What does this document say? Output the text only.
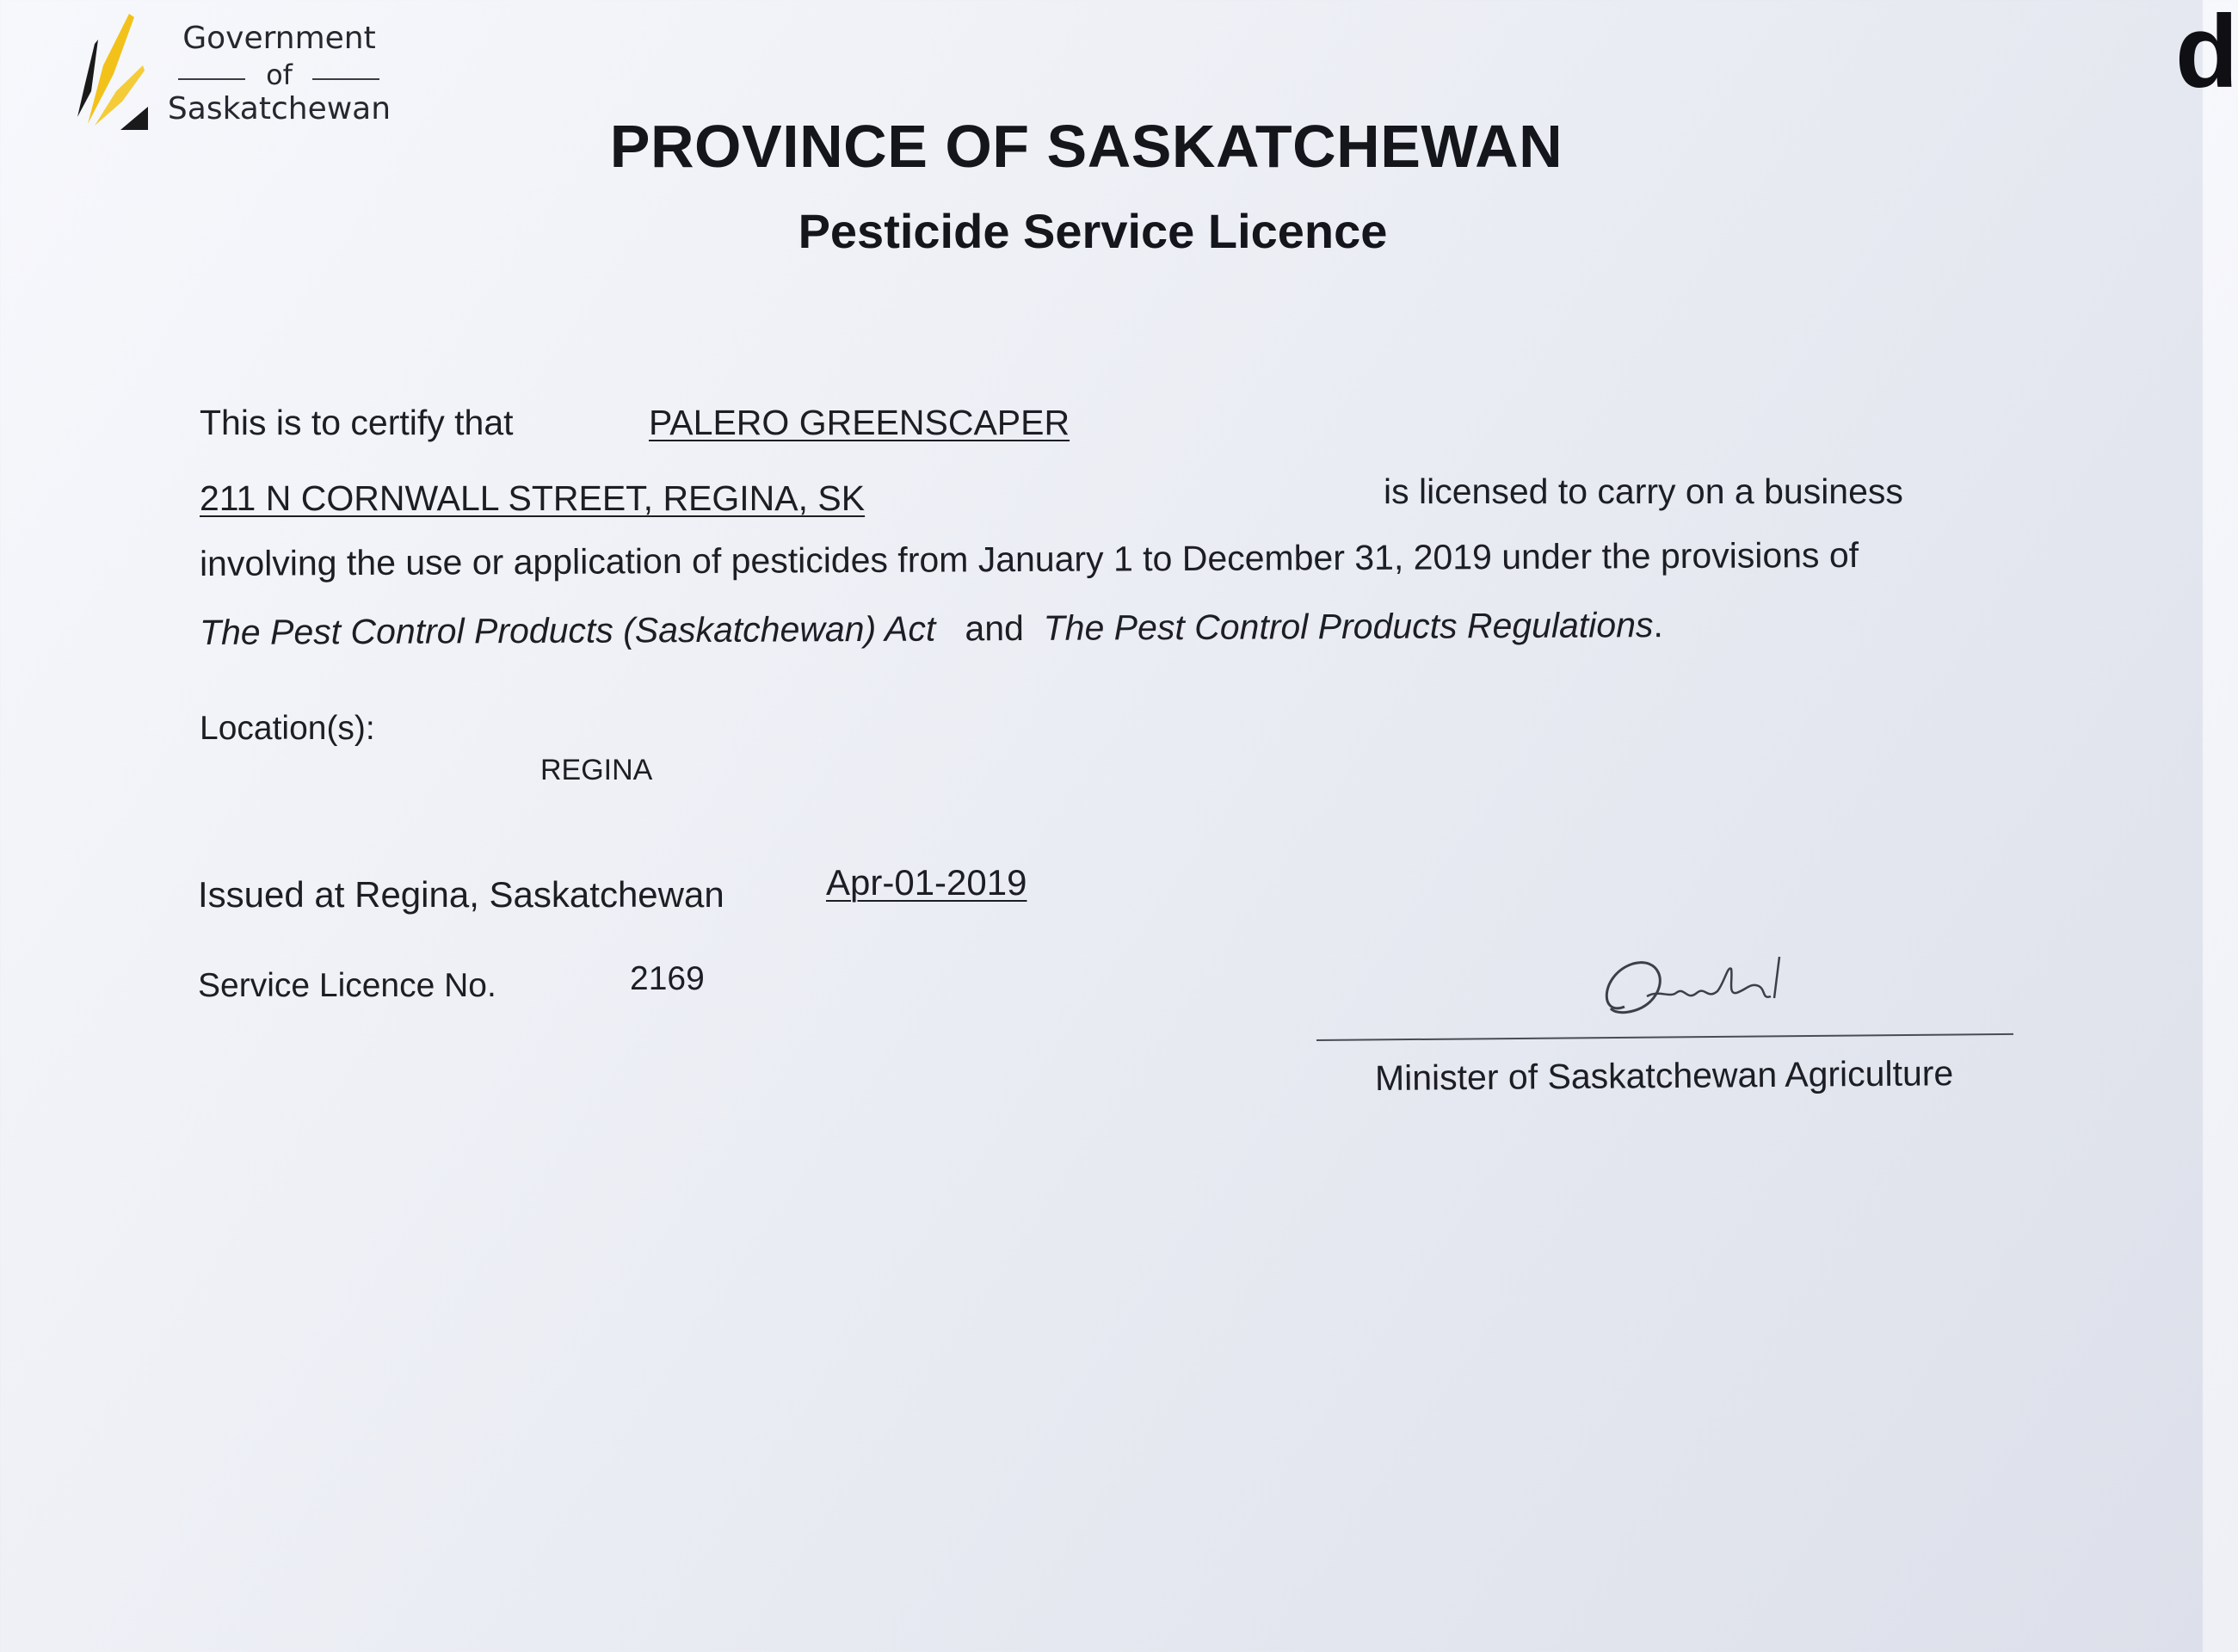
Government
of
Saskatchewan
PROVINCE OF SASKATCHEWAN
Pesticide Service Licence
This is to certify that	PALERO GREENSCAPER
211 N CORNWALL STREET, REGINA, SK	is licensed to carry on a business
involving the use or application of pesticides from January 1 to December 31, 2019 under the provisions of
The Pest Control Products (Saskatchewan) Act and The Pest Control Products Regulations.
Location(s):
REGINA
Issued at Regina, Saskatchewan	Apr-01-2019
Service Licence No.	2169
Minister of Saskatchewan Agriculture
d
